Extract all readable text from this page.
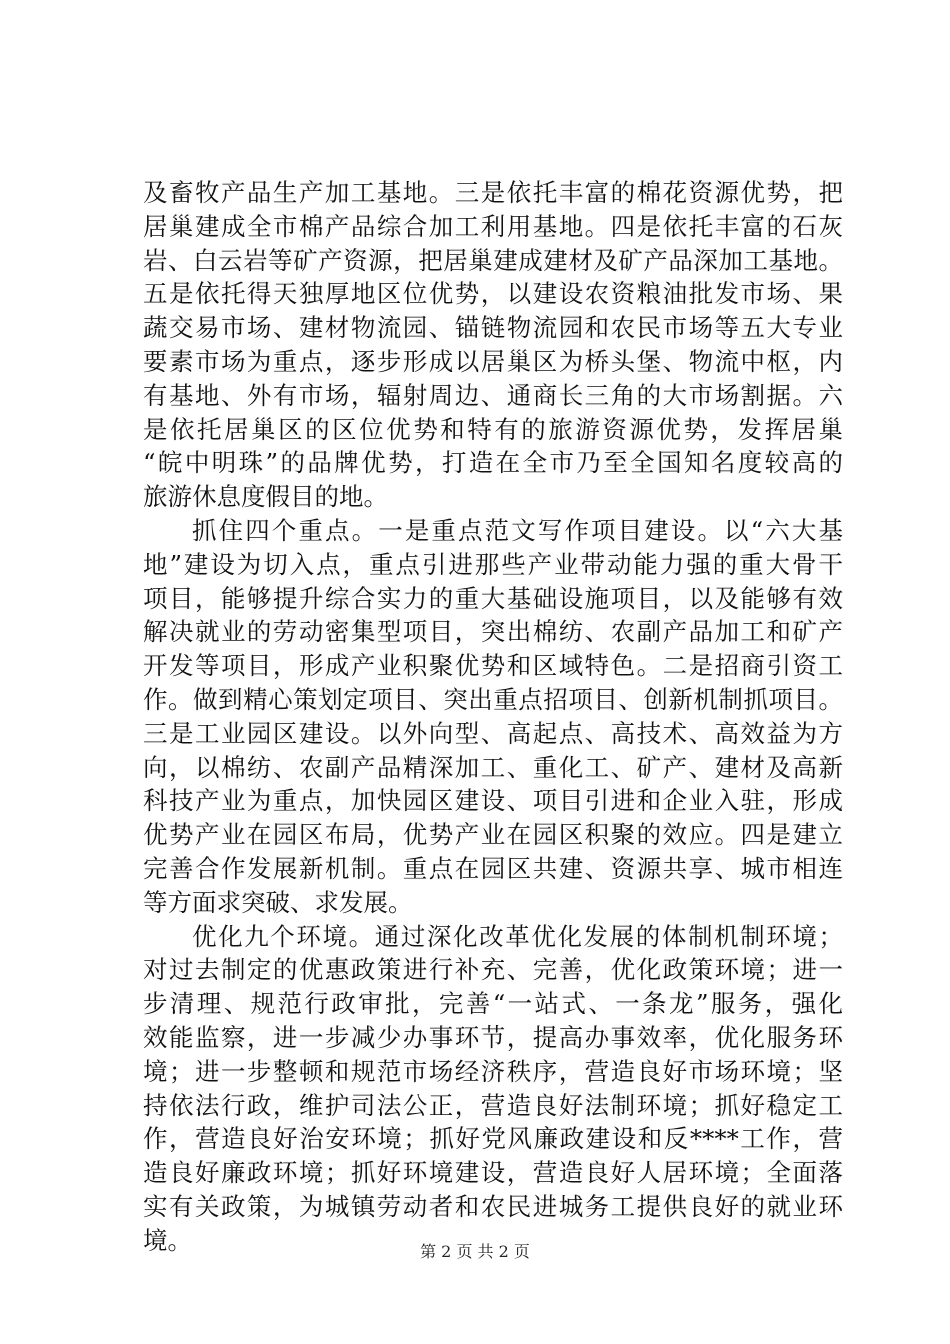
及畜牧产品生产加工基地。三是依托丰富的棉花资源优势，把
居巢建成全市棉产品综合加工利用基地。四是依托丰富的石灰
岩、白云岩等矿产资源，把居巢建成建材及矿产品深加工基地。
五是依托得天独厚地区位优势，以建设农资粮油批发市场、果
蔬交易市场、建材物流园、锚链物流园和农民市场等五大专业
要素市场为重点，逐步形成以居巢区为桥头堡、物流中枢，内
有基地、外有市场，辐射周边、通商长三角的大市场割据。六
是依托居巢区的区位优势和特有的旅游资源优势，发挥居巢
“皖中明珠”的品牌优势，打造在全市乃至全国知名度较高的
旅游休息度假目的地。
抓住四个重点。一是重点范文写作项目建设。以“六大基
地”建设为切入点，重点引进那些产业带动能力强的重大骨干
项目，能够提升综合实力的重大基础设施项目，以及能够有效
解决就业的劳动密集型项目，突出棉纺、农副产品加工和矿产
开发等项目，形成产业积聚优势和区域特色。二是招商引资工
作。做到精心策划定项目、突出重点招项目、创新机制抓项目。
三是工业园区建设。以外向型、高起点、高技术、高效益为方
向，以棉纺、农副产品精深加工、重化工、矿产、建材及高新
科技产业为重点，加快园区建设、项目引进和企业入驻，形成
优势产业在园区布局，优势产业在园区积聚的效应。四是建立
完善合作发展新机制。重点在园区共建、资源共享、城市相连
等方面求突破、求发展。
优化九个环境。通过深化改革优化发展的体制机制环境；
对过去制定的优惠政策进行补充、完善，优化政策环境；进一
步清理、规范行政审批，完善“一站式、一条龙”服务，强化
效能监察，进一步减少办事环节，提高办事效率，优化服务环
境；进一步整顿和规范市场经济秩序，营造良好市场环境；坚
持依法行政，维护司法公正，营造良好法制环境；抓好稳定工
作，营造良好治安环境；抓好党风廉政建设和反****工作，营
造良好廉政环境；抓好环境建设，营造良好人居环境；全面落
实有关政策，为城镇劳动者和农民进城务工提供良好的就业环
境。	第 2 页 共 2 页
